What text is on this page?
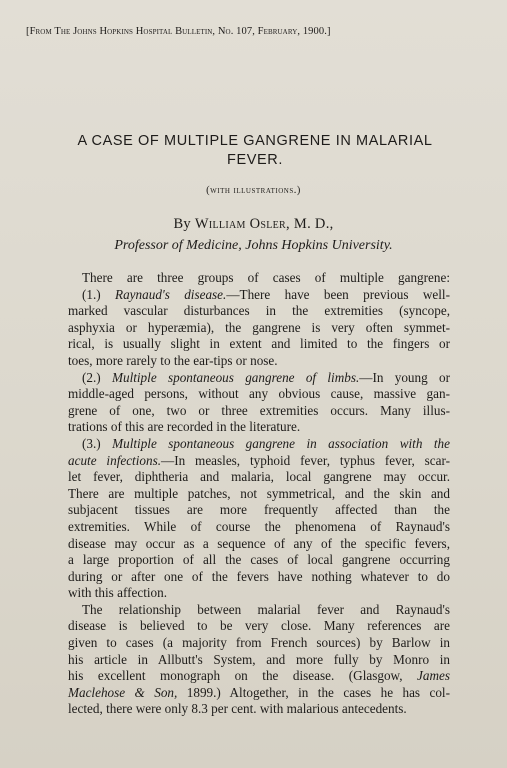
[From The Johns Hopkins Hospital Bulletin, No. 107, February, 1900.]
A CASE OF MULTIPLE GANGRENE IN MALARIAL
FEVER.
(with illustrations.)
By William Osler, M. D.,
Professor of Medicine, Johns Hopkins University.
There are three groups of cases of multiple gangrene:
(1.) Raynaud's disease.—There have been previous well-
marked vascular disturbances in the extremities (syncope,
asphyxia or hyperæmia), the gangrene is very often symmet-
rical, is usually slight in extent and limited to the fingers or
toes, more rarely to the ear-tips or nose.
(2.) Multiple spontaneous gangrene of limbs.—In young or
middle-aged persons, without any obvious cause, massive gan-
grene of one, two or three extremities occurs. Many illus-
trations of this are recorded in the literature.
(3.) Multiple spontaneous gangrene in association with the
acute infections.—In measles, typhoid fever, typhus fever, scar-
let fever, diphtheria and malaria, local gangrene may occur.
There are multiple patches, not symmetrical, and the skin and
subjacent tissues are more frequently affected than the
extremities. While of course the phenomena of Raynaud's
disease may occur as a sequence of any of the specific fevers,
a large proportion of all the cases of local gangrene occurring
during or after one of the fevers have nothing whatever to do
with this affection.
The relationship between malarial fever and Raynaud's
disease is believed to be very close. Many references are
given to cases (a majority from French sources) by Barlow in
his article in Allbutt's System, and more fully by Monro in
his excellent monograph on the disease. (Glasgow, James
Maclehose & Son, 1899.) Altogether, in the cases he has col-
lected, there were only 8.3 per cent. with malarious antecedents.
